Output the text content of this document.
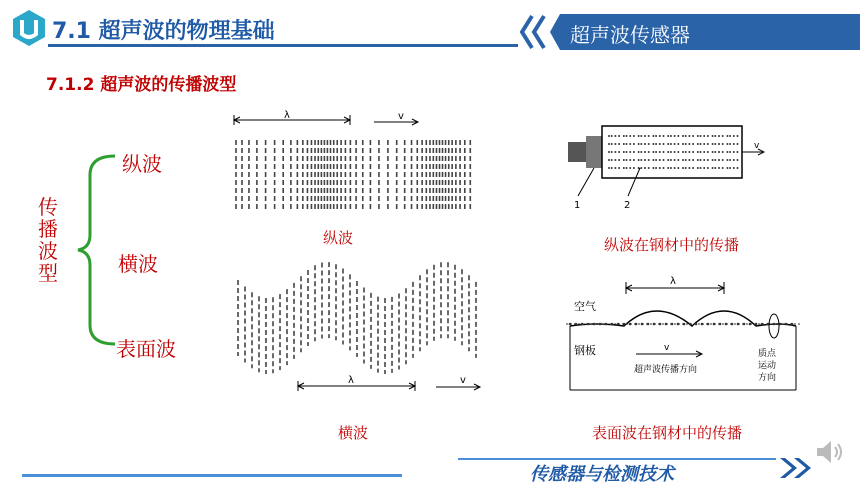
7.1 超声波的物理基础	超声波传感器
7.1.2 超声波的传播波型
传播波型
纵波
横波
表面波
λ	v
纵波
λ	v
横波
v
1	2
纵波在钢材中的传播
λ
空气
钢板	v
超声波传播方向
质点
运动
方向
表面波在钢材中的传播
传感器与检测技术
